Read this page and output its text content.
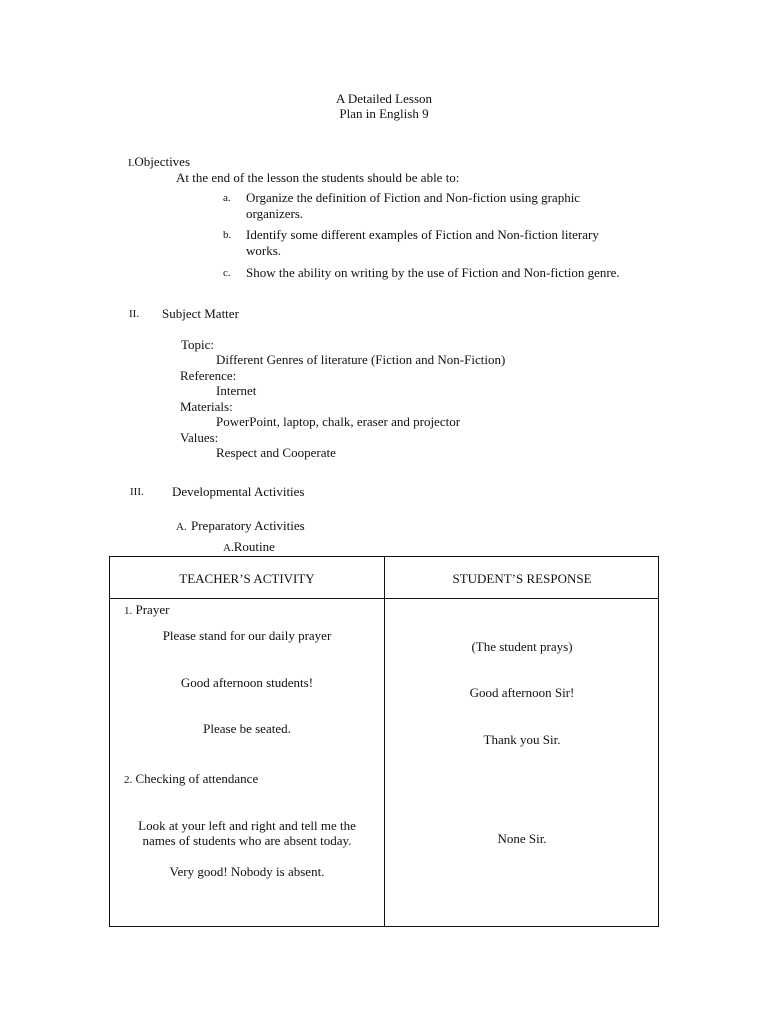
A Detailed Lesson
Plan in English 9
I.Objectives
At the end of the lesson the students should be able to:
a. Organize the definition of Fiction and Non-fiction using graphic
organizers.
b. Identify some different examples of Fiction and Non-fiction literary
works.
c. Show the ability on writing by the use of Fiction and Non-fiction genre.
II. Subject Matter
Topic:
Different Genres of literature (Fiction and Non-Fiction)
Reference:
Internet
Materials:
PowerPoint, laptop, chalk, eraser and projector
Values:
Respect and Cooperate
III. Developmental Activities
A. Preparatory Activities
A.Routine
TEACHER’S ACTIVITY	STUDENT’S RESPONSE
1. Prayer
Please stand for our daily prayer
Good afternoon students!
Please be seated.
2. Checking of attendance
Look at your left and right and tell me the
names of students who are absent today.
Very good! Nobody is absent.
(The student prays)
Good afternoon Sir!
Thank you Sir.
None Sir.
